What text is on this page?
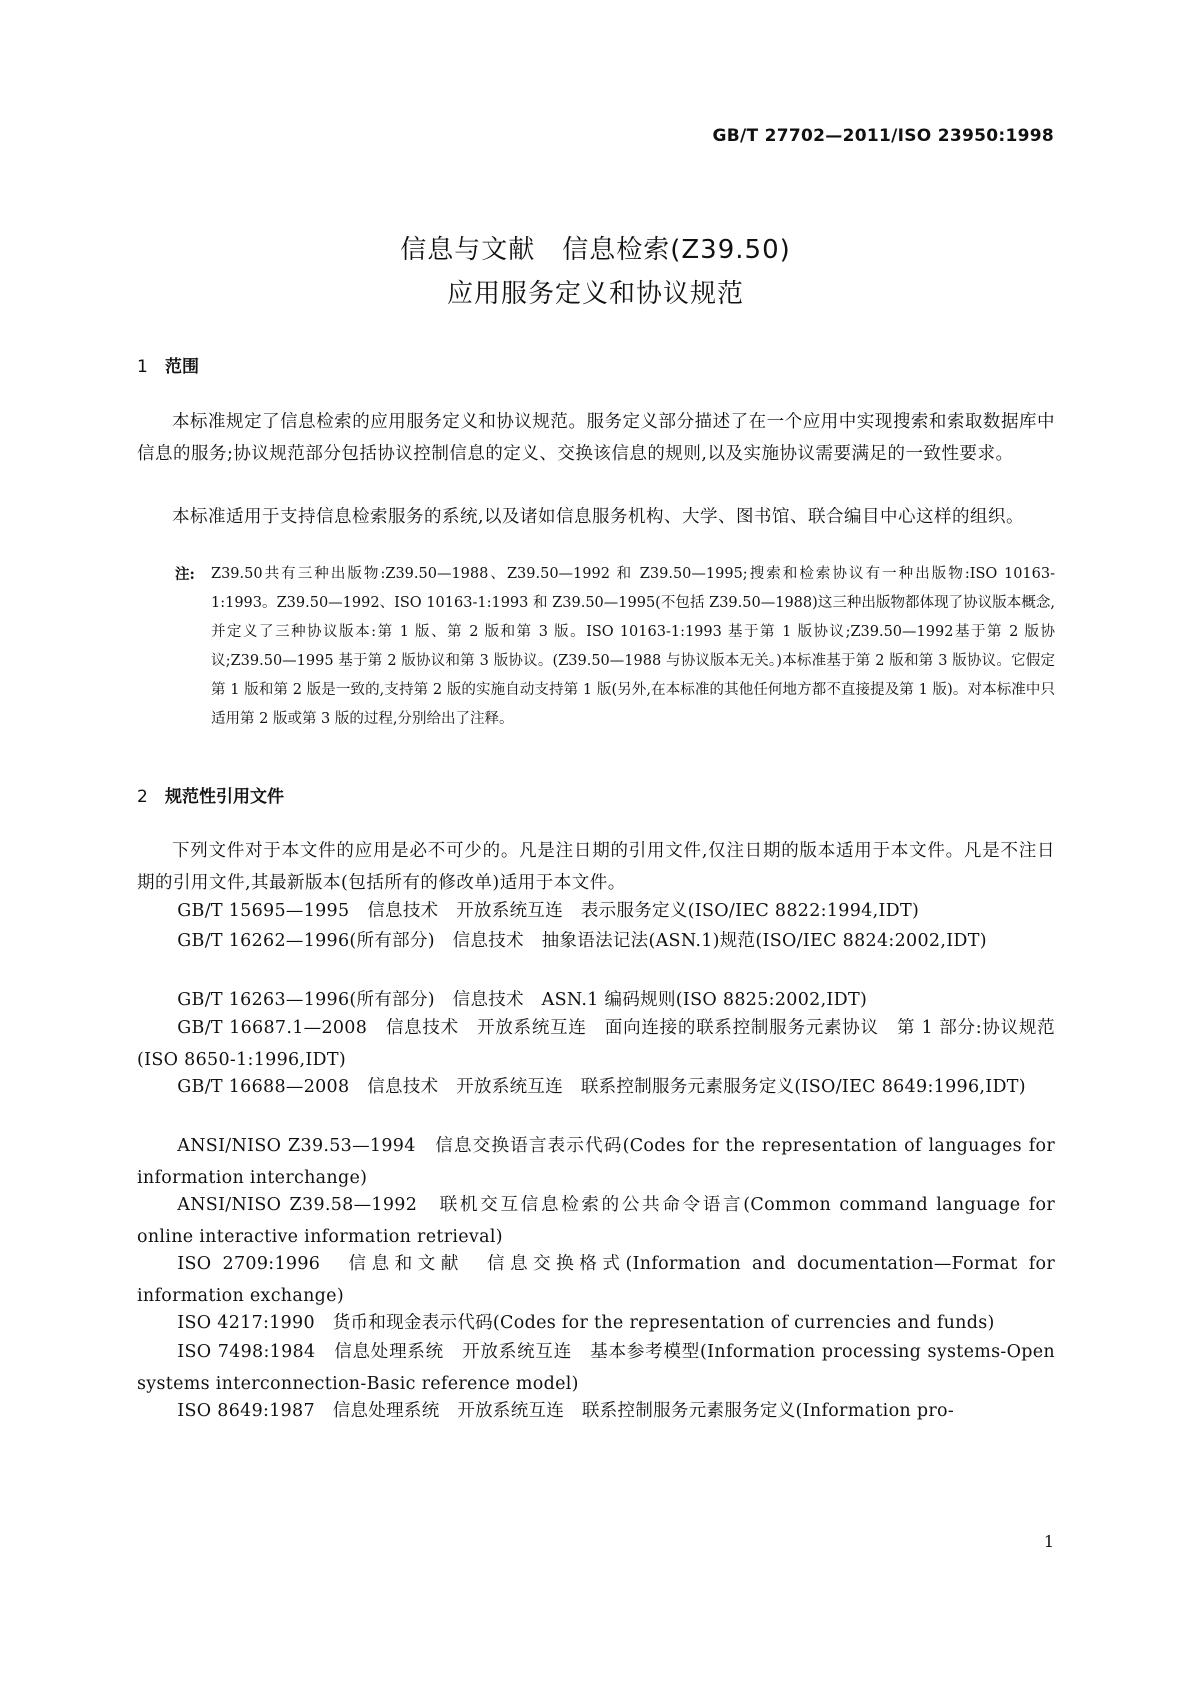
GB/T 27702—2011/ISO 23950:1998
信息与文献　信息检索(Z39.50)
应用服务定义和协议规范
1 范围
本标准规定了信息检索的应用服务定义和协议规范。服务定义部分描述了在一个应用中实现搜索和索取数据库中信息的服务;协议规范部分包括协议控制信息的定义、交换该信息的规则,以及实施协议需要满足的一致性要求。
本标准适用于支持信息检索服务的系统,以及诸如信息服务机构、大学、图书馆、联合编目中心这样的组织。
注: Z39.50共有三种出版物:Z39.50—1988、Z39.50—1992 和 Z39.50—1995;搜索和检索协议有一种出版物:ISO 10163-1:1993。Z39.50—1992、ISO 10163-1:1993 和 Z39.50—1995(不包括 Z39.50—1988)这三种出版物都体现了协议版本概念,并定义了三种协议版本:第 1 版、第 2 版和第 3 版。ISO 10163-1:1993 基于第 1 版协议;Z39.50—1992基于第 2 版协议;Z39.50—1995 基于第 2 版协议和第 3 版协议。(Z39.50—1988 与协议版本无关。)本标准基于第 2 版和第 3 版协议。它假定第 1 版和第 2 版是一致的,支持第 2 版的实施自动支持第 1 版(另外,在本标准的其他任何地方都不直接提及第 1 版)。对本标准中只适用第 2 版或第 3 版的过程,分别给出了注释。
2 规范性引用文件
下列文件对于本文件的应用是必不可少的。凡是注日期的引用文件,仅注日期的版本适用于本文件。凡是不注日期的引用文件,其最新版本(包括所有的修改单)适用于本文件。
GB/T 15695—1995　信息技术　开放系统互连　表示服务定义(ISO/IEC 8822:1994,IDT)
GB/T 16262—1996(所有部分)　信息技术　抽象语法记法(ASN.1)规范(ISO/IEC 8824:2002,IDT)
GB/T 16263—1996(所有部分)　信息技术　ASN.1 编码规则(ISO 8825:2002,IDT)
GB/T 16687.1—2008　信息技术　开放系统互连　面向连接的联系控制服务元素协议　第 1 部分:协议规范(ISO 8650-1:1996,IDT)
GB/T 16688—2008　信息技术　开放系统互连　联系控制服务元素服务定义(ISO/IEC 8649:1996,IDT)
ANSI/NISO Z39.53—1994　信息交换语言表示代码(Codes for the representation of languages for information interchange)
ANSI/NISO Z39.58—1992　联机交互信息检索的公共命令语言(Common command language for online interactive information retrieval)
ISO 2709:1996　信息和文献　信息交换格式(Information and documentation—Format for information exchange)
ISO 4217:1990　货币和现金表示代码(Codes for the representation of currencies and funds)
ISO 7498:1984　信息处理系统　开放系统互连　基本参考模型(Information processing systems-Open systems interconnection-Basic reference model)
ISO 8649:1987　信息处理系统　开放系统互连　联系控制服务元素服务定义(Information pro-
1
